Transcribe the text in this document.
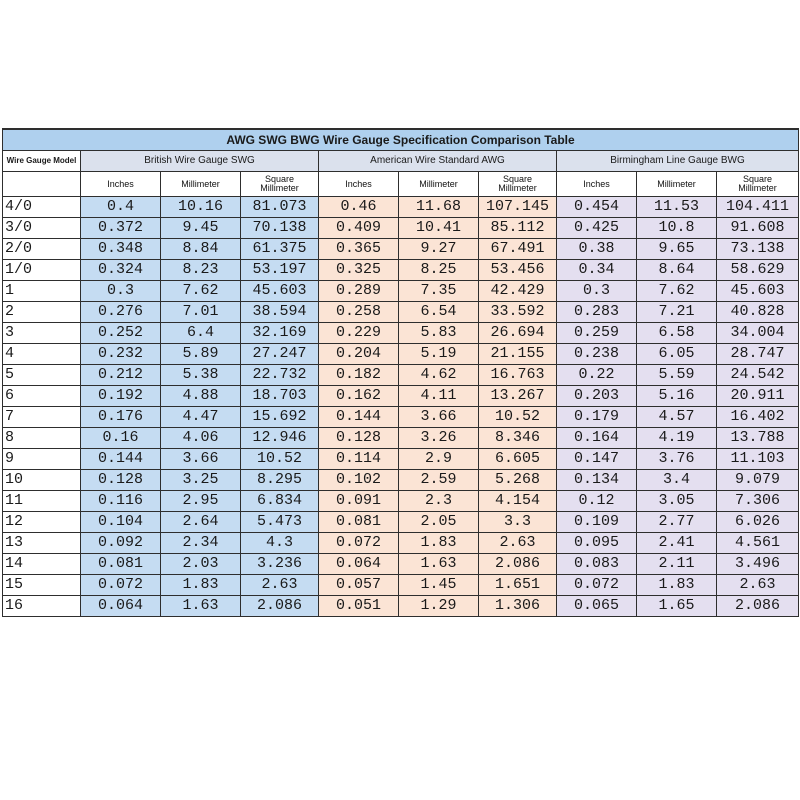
AWG SWG BWG Wire Gauge Specification Comparison Table									
Wire Gauge Model	British Wire Gauge SWG			American Wire Standard AWG			Birmingham Line Gauge BWG		
	Inches	Millimeter	Square Millimeter	Inches	Millimeter	Square Millimeter	Inches	Millimeter	Square Millimeter
4/0	0.4	10.16	81.073	0.46	11.68	107.145	0.454	11.53	104.411
3/0	0.372	9.45	70.138	0.409	10.41	85.112	0.425	10.8	91.608
2/0	0.348	8.84	61.375	0.365	9.27	67.491	0.38	9.65	73.138
1/0	0.324	8.23	53.197	0.325	8.25	53.456	0.34	8.64	58.629
1	0.3	7.62	45.603	0.289	7.35	42.429	0.3	7.62	45.603
2	0.276	7.01	38.594	0.258	6.54	33.592	0.283	7.21	40.828
3	0.252	6.4	32.169	0.229	5.83	26.694	0.259	6.58	34.004
4	0.232	5.89	27.247	0.204	5.19	21.155	0.238	6.05	28.747
5	0.212	5.38	22.732	0.182	4.62	16.763	0.22	5.59	24.542
6	0.192	4.88	18.703	0.162	4.11	13.267	0.203	5.16	20.911
7	0.176	4.47	15.692	0.144	3.66	10.52	0.179	4.57	16.402
8	0.16	4.06	12.946	0.128	3.26	8.346	0.164	4.19	13.788
9	0.144	3.66	10.52	0.114	2.9	6.605	0.147	3.76	11.103
10	0.128	3.25	8.295	0.102	2.59	5.268	0.134	3.4	9.079
11	0.116	2.95	6.834	0.091	2.3	4.154	0.12	3.05	7.306
12	0.104	2.64	5.473	0.081	2.05	3.3	0.109	2.77	6.026
13	0.092	2.34	4.3	0.072	1.83	2.63	0.095	2.41	4.561
14	0.081	2.03	3.236	0.064	1.63	2.086	0.083	2.11	3.496
15	0.072	1.83	2.63	0.057	1.45	1.651	0.072	1.83	2.63
16	0.064	1.63	2.086	0.051	1.29	1.306	0.065	1.65	2.086
